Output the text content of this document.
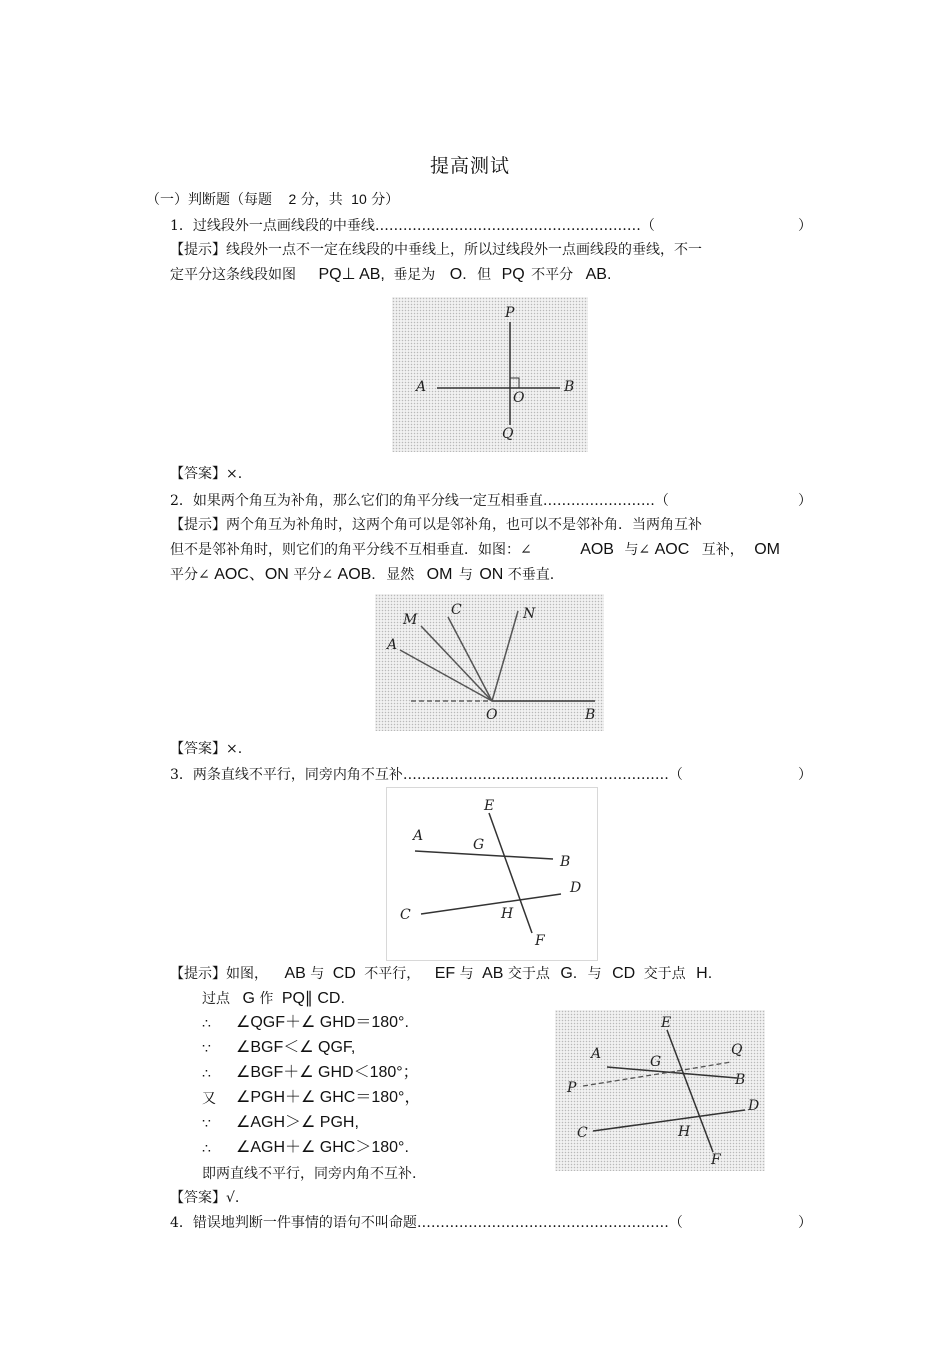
提高测试
（一）判断题（每题 2 分，共 10 分）
1．过线段外一点画线段的中垂线…………………………………………………（	）
【提示】线段外一点不一定在线段的中垂线上，所以过线段外一点画线段的垂线，不一
定平分这条线段如图 PQ⊥ AB, 垂足为 O. 但 PQ 不平分 AB.
P
A	B
O
Q
【答案】×.
2．如果两个角互为补角，那么它们的角平分线一定互相垂直……………………（	）
【提示】两个角互为补角时，这两个角可以是邻补角，也可以不是邻补角．当两角互补
但不是邻补角时，则它们的角平分线不互相垂直．如图：∠	AOB 与∠ AOC 互补， OM
平分∠ AOC、ON 平分∠ AOB. 显然 OM 与 ON 不垂直.
M
C	N
A
O	B
【答案】×.
3．两条直线不平行，同旁内角不互补…………………………………………………（	）
E
A
G
B
D
C	H
F
【提示】如图， AB 与 CD 不平行， EF 与 AB 交于点 G. 与 CD 交于点 H.
过点 G 作 PQ∥ CD.
∴ ∠QGF＋∠ GHD＝180°.
∵ ∠BGF＜∠ QGF,
∴ ∠BGF＋∠ GHD＜180°；
又 ∠PGH＋∠ GHC＝180°，
∵ ∠AGH＞∠ PGH,
∴ ∠AGH＋∠ GHC＞180°.
即两直线不平行，同旁内角不互补.
E
A	G
Q
P	B
D
C	H
F
【答案】√.
4．错误地判断一件事情的语句不叫命题………………………………………………（	）
